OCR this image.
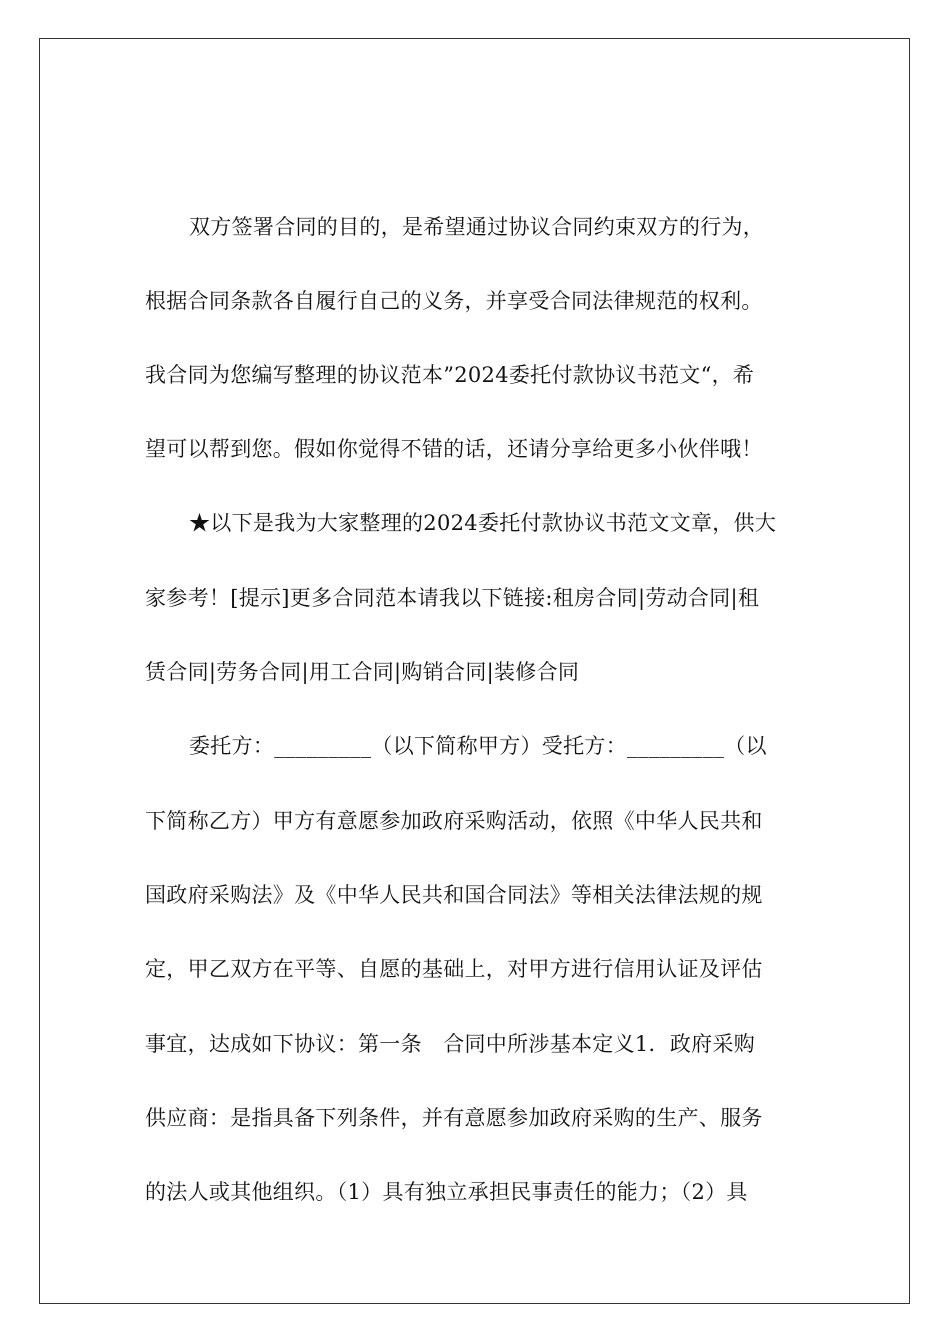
双方签署合同的目的，是希望通过协议合同约束双方的行为，
根据合同条款各自履行自己的义务，并享受合同法律规范的权利。
我合同为您编写整理的协议范本”2024委托付款协议书范文“，希
望可以帮到您。假如你觉得不错的话，还请分享给更多小伙伴哦！
★以下是我为大家整理的2024委托付款协议书范文文章，供大
家参考！[提示]更多合同范本请我以下链接:租房合同|劳动合同|租
赁合同|劳务合同|用工合同|购销合同|装修合同
委托方：_________（以下简称甲方）受托方：_________（以
下简称乙方）甲方有意愿参加政府采购活动，依照《中华人民共和
国政府采购法》及《中华人民共和国合同法》等相关法律法规的规
定，甲乙双方在平等、自愿的基础上，对甲方进行信用认证及评估
事宜，达成如下协议：第一条　合同中所涉基本定义1．政府采购
供应商：是指具备下列条件，并有意愿参加政府采购的生产、服务
的法人或其他组织。（1）具有独立承担民事责任的能力；（2）具
